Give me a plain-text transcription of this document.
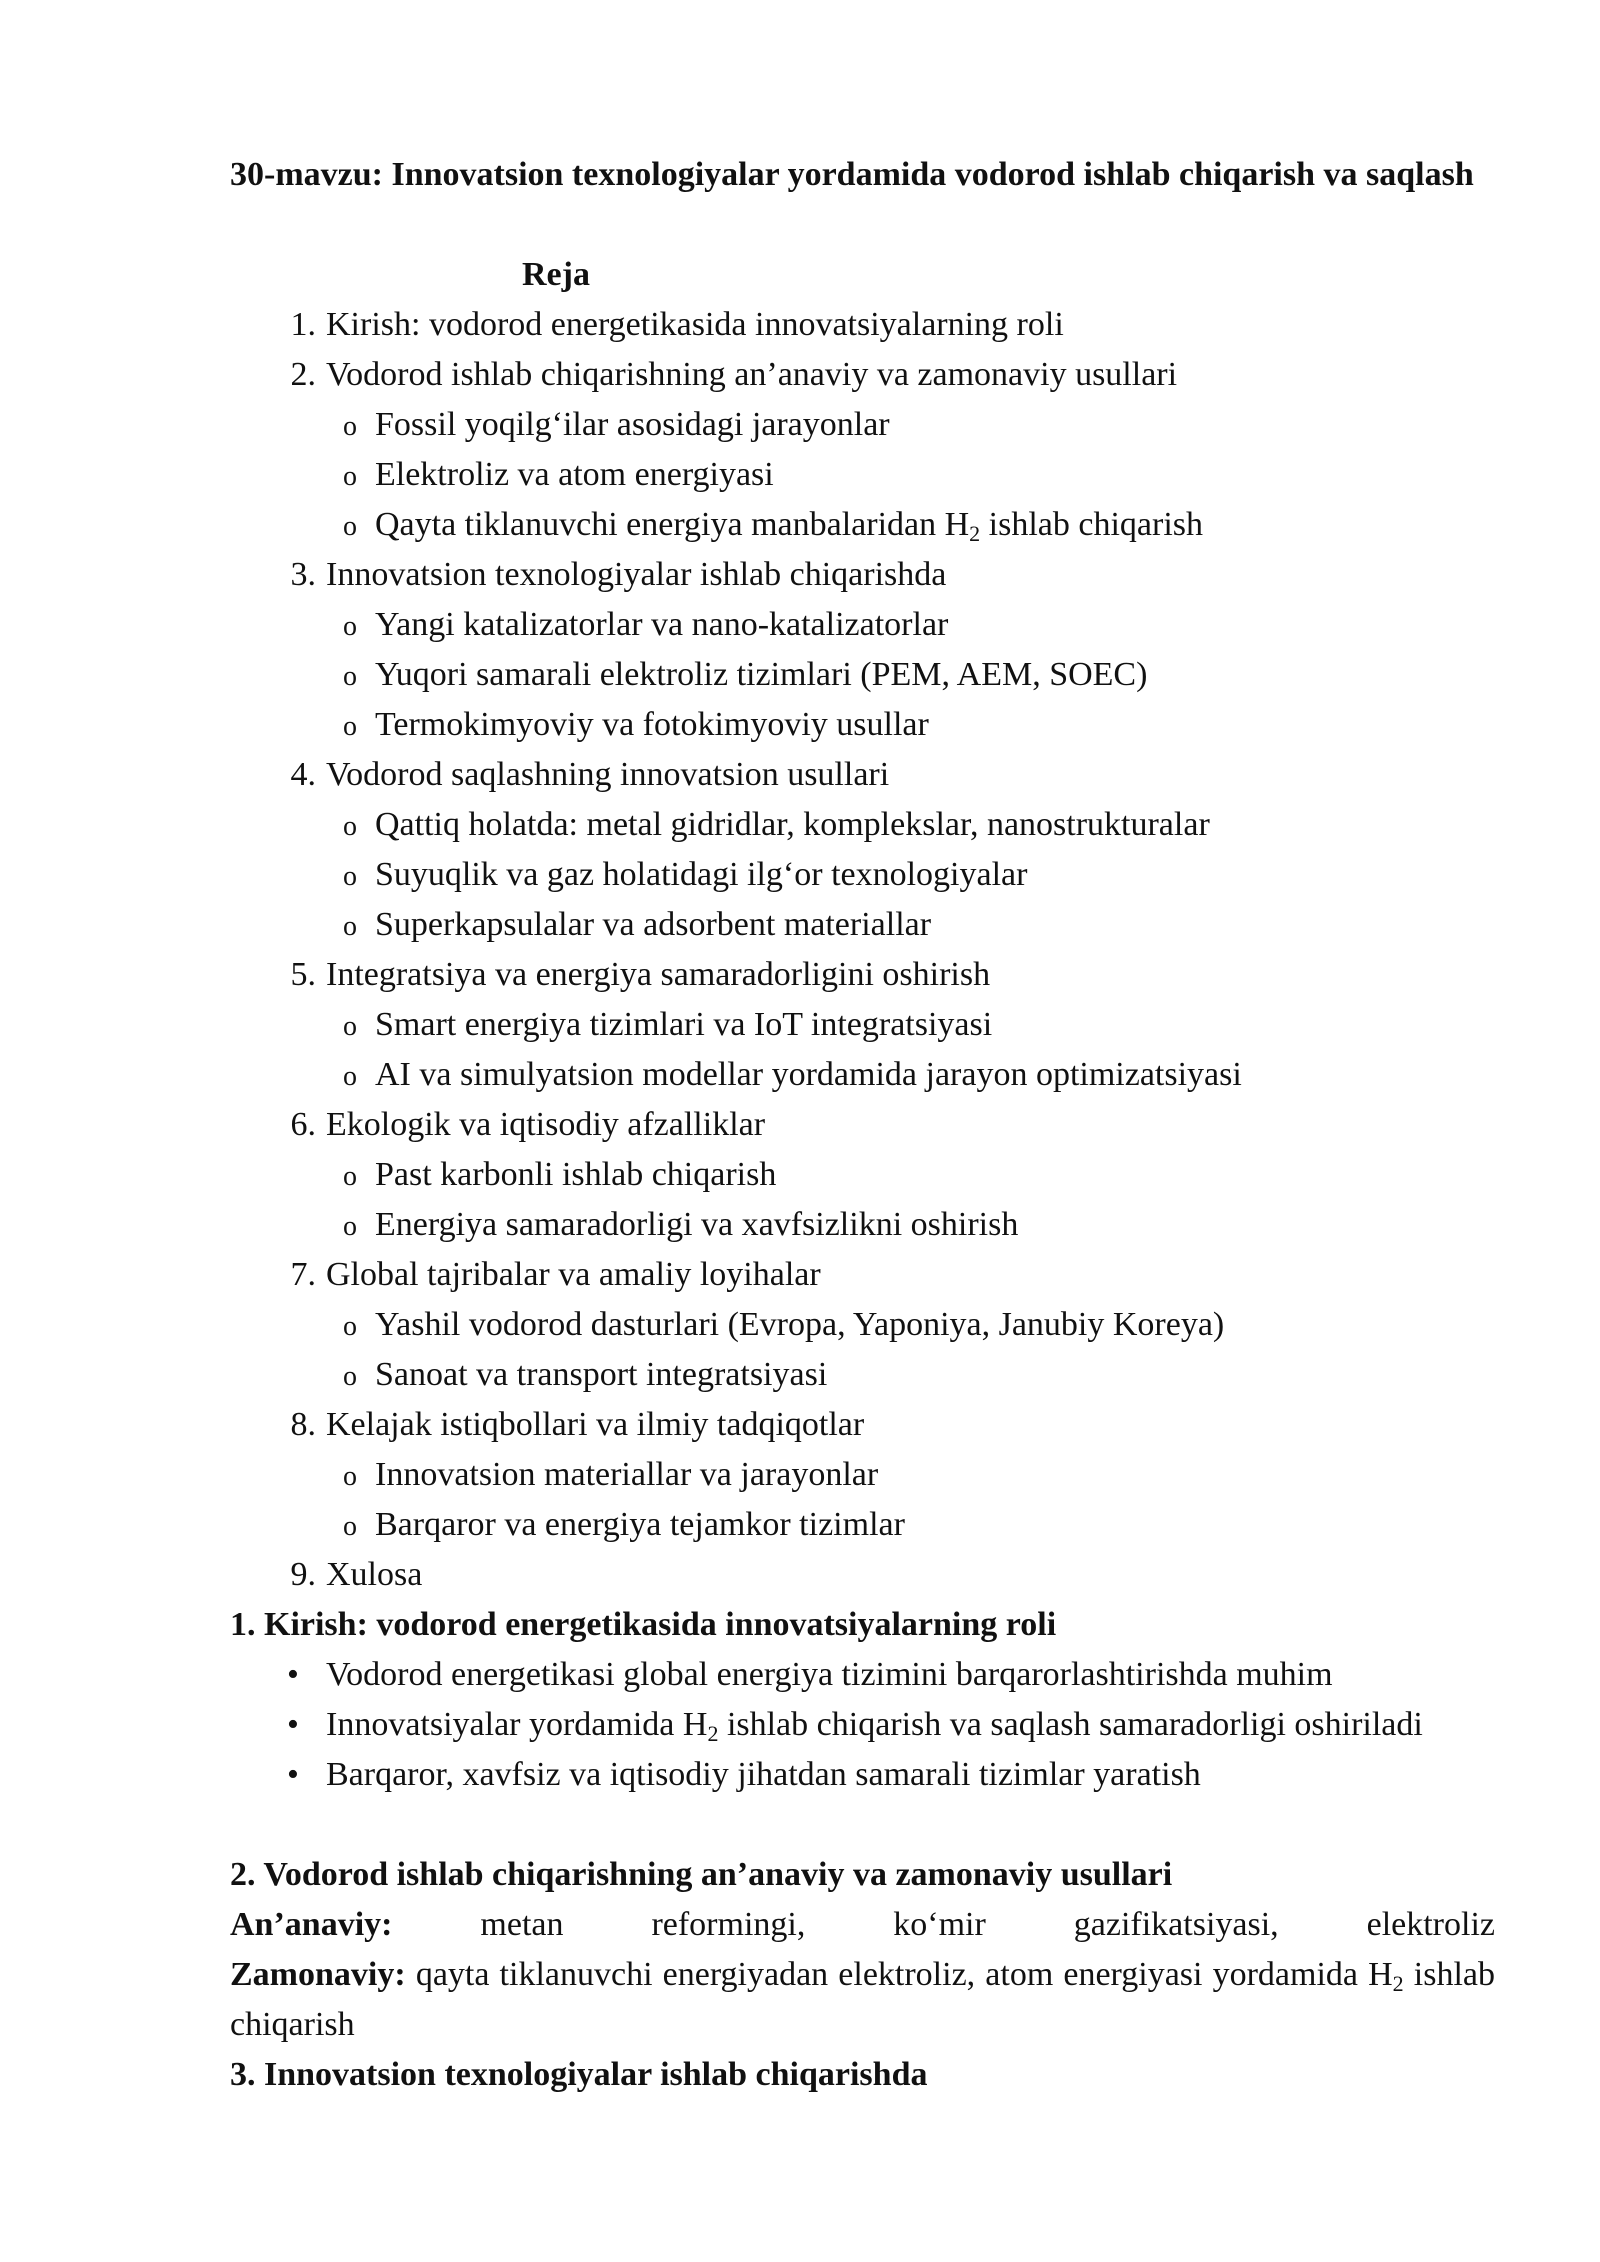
30-mavzu: Innovatsion texnologiyalar yordamida vodorod ishlab chiqarish va saqlash
Reja
1. Kirish: vodorod energetikasida innovatsiyalarning roli
2. Vodorod ishlab chiqarishning an’anaviy va zamonaviy usullari
o Fossil yoqilg‘ilar asosidagi jarayonlar
o Elektroliz va atom energiyasi
o Qayta tiklanuvchi energiya manbalaridan $H_2$ ishlab chiqarish
3. Innovatsion texnologiyalar ishlab chiqarishda
o Yangi katalizatorlar va nano-katalizatorlar
o Yuqori samarali elektroliz tizimlari (PEM, AEM, SOEC)
o Termokimyoviy va fotokimyoviy usullar
4. Vodorod saqlashning innovatsion usullari
o Qattiq holatda: metal gidridlar, komplekslar, nanostrukturalar
o Suyuqlik va gaz holatidagi ilg‘or texnologiyalar
o Superkapsulalar va adsorbent materiallar
5. Integratsiya va energiya samaradorligini oshirish
o Smart energiya tizimlari va IoT integratsiyasi
o AI va simulyatsion modellar yordamida jarayon optimizatsiyasi
6. Ekologik va iqtisodiy afzalliklar
o Past karbonli ishlab chiqarish
o Energiya samaradorligi va xavfsizlikni oshirish
7. Global tajribalar va amaliy loyihalar
o Yashil vodorod dasturlari (Evropa, Yaponiya, Janubiy Koreya)
o Sanoat va transport integratsiyasi
8. Kelajak istiqbollari va ilmiy tadqiqotlar
o Innovatsion materiallar va jarayonlar
o Barqaror va energiya tejamkor tizimlar
9. Xulosa
1. Kirish: vodorod energetikasida innovatsiyalarning roli
• Vodorod energetikasi global energiya tizimini barqarorlashtirishda muhim
• Innovatsiyalar yordamida $H_2$ ishlab chiqarish va saqlash samaradorligi oshiriladi
• Barqaror, xavfsiz va iqtisodiy jihatdan samarali tizimlar yaratish
2. Vodorod ishlab chiqarishning an’anaviy va zamonaviy usullari
An’anaviy:	metan reformingi, ko‘mir gazifikatsiyasi, elektroliz
Zamonaviy: qayta tiklanuvchi energiyadan elektroliz, atom energiyasi yordamida $H_2$ ishlab chiqarish
3. Innovatsion texnologiyalar ishlab chiqarishda
